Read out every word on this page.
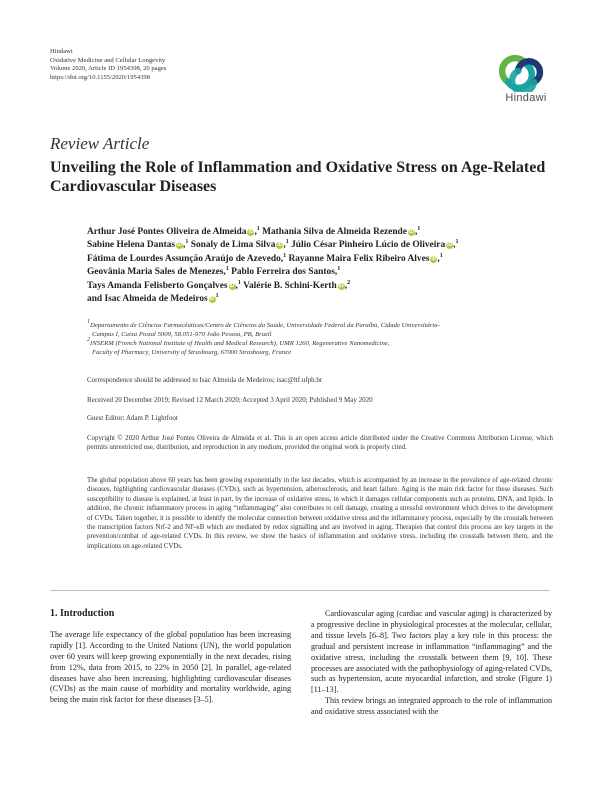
Hindawi
Oxidative Medicine and Cellular Longevity
Volume 2020, Article ID 1954398, 20 pages
https://doi.org/10.1155/2020/1954398
Hindawi
Review Article
Unveiling the Role of Inflammation and Oxidative Stress on Age-Related Cardiovascular Diseases
Arthur José Pontes Oliveira de Almeida iD,$^1$ Mathania Silva de Almeida Rezende iD,$^1$
Sabine Helena Dantas iD,$^1$ Sonaly de Lima Silva iD,$^1$ Júlio César Pinheiro Lúcio de Oliveira iD,$^1$
Fátima de Lourdes Assunção Araújo de Azevedo,$^1$ Rayanne Maira Felix Ribeiro Alves iD,$^1$
Geovânia Maria Sales de Menezes,$^1$ Pablo Ferreira dos Santos,$^1$
Tays Amanda Felisberto Gonçalves iD,$^1$ Valérie B. Schini-Kerth iD,$^2$
and Isac Almeida de Medeiros $iD^1$
1 Departamento de Ciências Farmacêuticas/Centro de Ciências da Saúde, Universidade Federal da Paraíba, Cidade Universitária-
Campus I, Caixa Postal 5009, 58.051-970 João Pessoa, PB, Brazil
2 INSERM (French National Institute of Health and Medical Research), UMR 1260, Regenerative Nanomedicine,
Faculty of Pharmacy, University of Strasbourg, 67000 Strasbourg, France
Correspondence should be addressed to Isac Almeida de Medeiros; isac@ltf.ufpb.br
Received 20 December 2019; Revised 12 March 2020; Accepted 3 April 2020; Published 9 May 2020
Guest Editor: Adam P. Lightfoot
Copyright © 2020 Arthur José Pontes Oliveira de Almeida et al. This is an open access article distributed under the Creative Commons Attribution License, which permits unrestricted use, distribution, and reproduction in any medium, provided the original work is properly cited.
The global population above 60 years has been growing exponentially in the last decades, which is accompanied by an increase in the prevalence of age-related chronic diseases, highlighting cardiovascular diseases (CVDs), such as hypertension, atherosclerosis, and heart failure. Aging is the main risk factor for these diseases. Such susceptibility to disease is explained, at least in part, by the increase of oxidative stress, in which it damages cellular components such as proteins, DNA, and lipids. In addition, the chronic inflammatory process in aging “inflammaging” also contributes to cell damage, creating a stressful environment which drives to the development of CVDs. Taken together, it is possible to identify the molecular connection between oxidative stress and the inflammatory process, especially by the crosstalk between the transcription factors Nrf-2 and NF-κB which are mediated by redox signalling and are involved in aging. Therapies that control this process are key targets in the prevention/combat of age-related CVDs. In this review, we show the basics of inflammation and oxidative stress, including the crosstalk between them, and the implications on age-related CVDs.
1. Introduction

The average life expectancy of the global population has been increasing rapidly [1]. According to the United Nations (UN), the world population over 60 years will keep growing exponentially in the next decades, rising from 12%, data from 2015, to 22% in 2050 [2]. In parallel, age-related diseases have also been increasing, highlighting cardiovascular diseases (CVDs) as the main cause of morbidity and mortality worldwide, aging being the main risk factor for these diseases [3–5].

Cardiovascular aging (cardiac and vascular aging) is characterized by a progressive decline in physiological processes at the molecular, cellular, and tissue levels [6–8]. Two factors play a key role in this process: the gradual and persistent increase in inflammation “inflammaging” and the oxidative stress, including the crosstalk between them [9, 10]. These processes are associated with the pathophysiology of aging-related CVDs, such as hypertension, acute myocardial infarction, and stroke (Figure 1) [11–13].

This review brings an integrated approach to the role of inflammation and oxidative stress associated with the
